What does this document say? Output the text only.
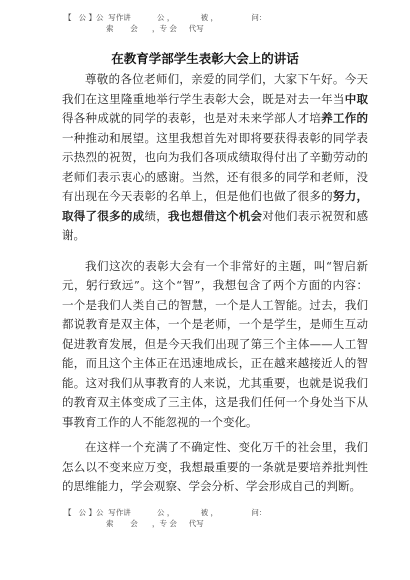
【   公 】公  写作讲           公 ，           被 ，              问：
索       会      ，专 会     代写
在教育学部学生表彰大会上的讲话

尊敬的各位老师们，亲爱的同学们，大家下午好。今天我们在这里隆重地举行学生表彰大会，既是对去一年当中取得各种成就的同学的表彰，也是对未来学部人才培养工作的一种推动和展望。这里我想首先对即将要获得表彰的同学表示热烈的祝贺，也向为我们各项成绩取得付出了辛勤劳动的老师们表示衷心的感谢。当然，还有很多的同学和老师，没有出现在今天表彰的名单上，但是他们也做了很多的努力，取得了很多的成绩，我也想借这个机会对他们表示祝贺和感谢。

我们这次的表彰大会有一个非常好的主题，叫“智启新元，躬行致远”。这个“智”，我想包含了两个方面的内容： 一个是我们人类自己的智慧，一个是人工智能。过去，我们都说教育是双主体，一个是老师，一个是学生，是师生互动促进教育发展，但是今天我们出现了第三个主体——人工智能，而且这个主体正在迅速地成长，正在越来越接近人的智能。这对我们从事教育的人来说，尤其重要，也就是说我们的教育双主体变成了三主体，这是我们任何一个身处当下从事教育工作的人不能忽视的一个变化。

在这样一个充满了不确定性、变化万千的社会里，我们怎么以不变来应万变，我想最重要的一条就是要培养批判性的思维能力，学会观察、学会分析、学会形成自己的判断。

【   公 】公  写作讲           公 ，           被 ，              问：
索       会      ，专 会     代写
